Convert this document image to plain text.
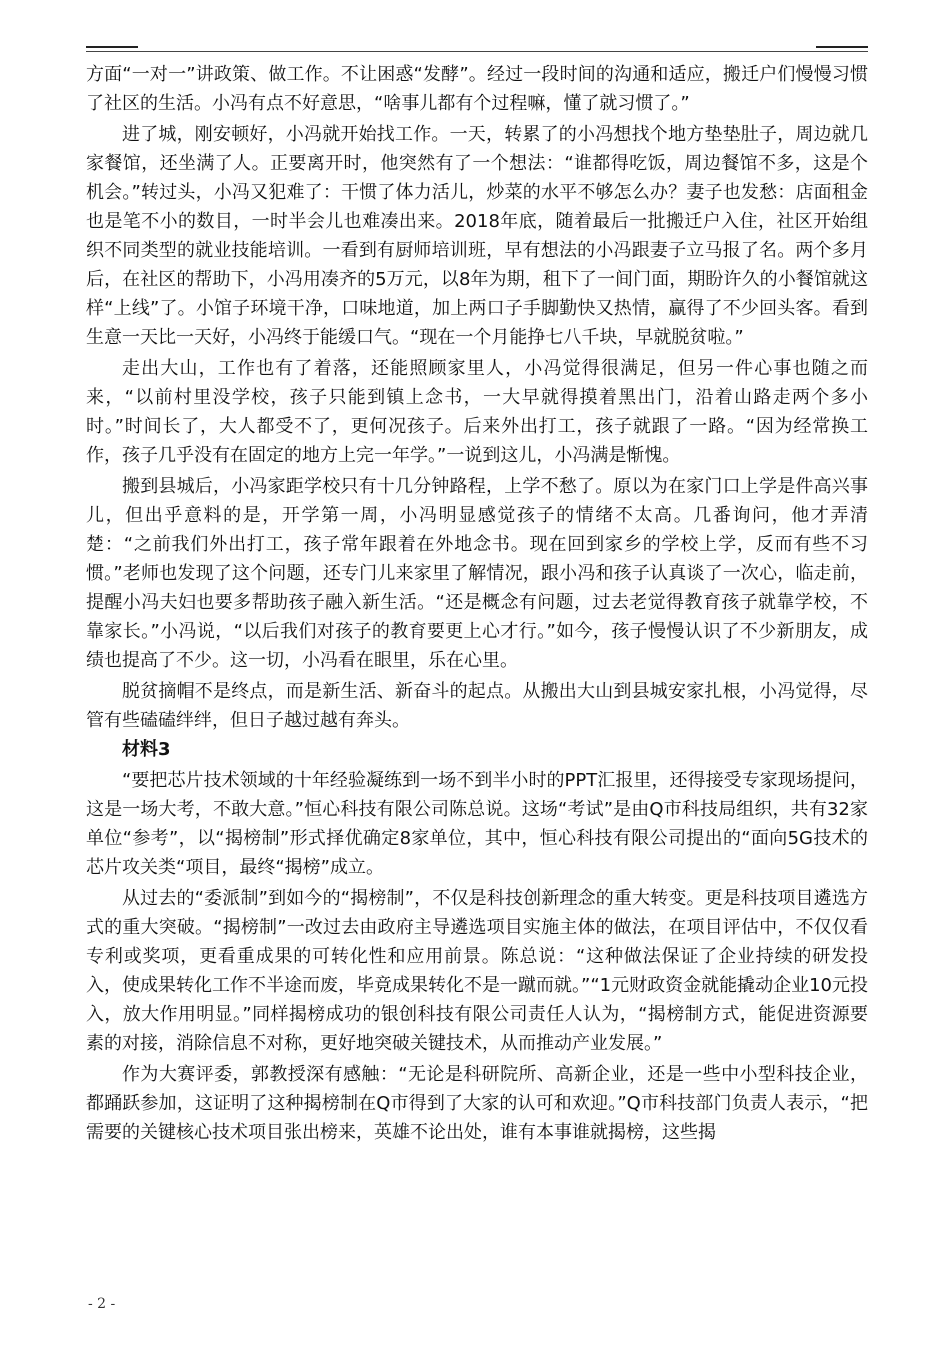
方面“一对一”讲政策、做工作。不让困惑“发酵”。经过一段时间的沟通和适应，搬迁户们慢慢习惯了社区的生活。小冯有点不好意思，“啥事儿都有个过程嘛，懂了就习惯了。”

进了城，刚安顿好，小冯就开始找工作。一天，转累了的小冯想找个地方垫垫肚子，周边就几家餐馆，还坐满了人。正要离开时，他突然有了一个想法：“谁都得吃饭，周边餐馆不多，这是个机会。”转过头，小冯又犯难了：干惯了体力活儿，炒菜的水平不够怎么办？妻子也发愁：店面租金也是笔不小的数目，一时半会儿也难凑出来。2018年底，随着最后一批搬迁户入住，社区开始组织不同类型的就业技能培训。一看到有厨师培训班，早有想法的小冯跟妻子立马报了名。两个多月后，在社区的帮助下，小冯用凑齐的5万元，以8年为期，租下了一间门面，期盼许久的小餐馆就这样“上线”了。小馆子环境干净，口味地道，加上两口子手脚勤快又热情，赢得了不少回头客。看到生意一天比一天好，小冯终于能缓口气。“现在一个月能挣七八千块，早就脱贫啦。”

走出大山，工作也有了着落，还能照顾家里人，小冯觉得很满足，但另一件心事也随之而来，“以前村里没学校，孩子只能到镇上念书，一大早就得摸着黑出门，沿着山路走两个多小时。”时间长了，大人都受不了，更何况孩子。后来外出打工，孩子就跟了一路。“因为经常换工作，孩子几乎没有在固定的地方上完一年学。”一说到这儿，小冯满是惭愧。

搬到县城后，小冯家距学校只有十几分钟路程，上学不愁了。原以为在家门口上学是件高兴事儿，但出乎意料的是，开学第一周，小冯明显感觉孩子的情绪不太高。几番询问，他才弄清楚：“之前我们外出打工，孩子常年跟着在外地念书。现在回到家乡的学校上学，反而有些不习惯。”老师也发现了这个问题，还专门儿来家里了解情况，跟小冯和孩子认真谈了一次心，临走前，提醒小冯夫妇也要多帮助孩子融入新生活。“还是概念有问题，过去老觉得教育孩子就靠学校，不靠家长。”小冯说，“以后我们对孩子的教育要更上心才行。”如今，孩子慢慢认识了不少新朋友，成绩也提高了不少。这一切，小冯看在眼里，乐在心里。

脱贫摘帽不是终点，而是新生活、新奋斗的起点。从搬出大山到县城安家扎根，小冯觉得，尽管有些磕磕绊绊，但日子越过越有奔头。

材料3

“要把芯片技术领域的十年经验凝练到一场不到半小时的PPT汇报里，还得接受专家现场提问，这是一场大考，不敢大意。”恒心科技有限公司陈总说。这场“考试”是由Q市科技局组织，共有32家单位“参考”，以“揭榜制”形式择优确定8家单位，其中，恒心科技有限公司提出的“面向5G技术的芯片攻关类“项目，最终“揭榜”成立。

从过去的“委派制”到如今的“揭榜制”，不仅是科技创新理念的重大转变。更是科技项目遴选方式的重大突破。“揭榜制”一改过去由政府主导遴选项目实施主体的做法，在项目评估中，不仅仅看专利或奖项，更看重成果的可转化性和应用前景。陈总说：“这种做法保证了企业持续的研发投入，使成果转化工作不半途而废，毕竟成果转化不是一蹴而就。”“1元财政资金就能撬动企业10元投入，放大作用明显。”同样揭榜成功的银创科技有限公司责任人认为，“揭榜制方式，能促进资源要素的对接，消除信息不对称，更好地突破关键技术，从而推动产业发展。”

作为大赛评委，郭教授深有感触：“无论是科研院所、高新企业，还是一些中小型科技企业，都踊跃参加，这证明了这种揭榜制在Q市得到了大家的认可和欢迎。”Q市科技部门负责人表示，“把需要的关键核心技术项目张出榜来，英雄不论出处，谁有本事谁就揭榜，这些揭

- 2 -
